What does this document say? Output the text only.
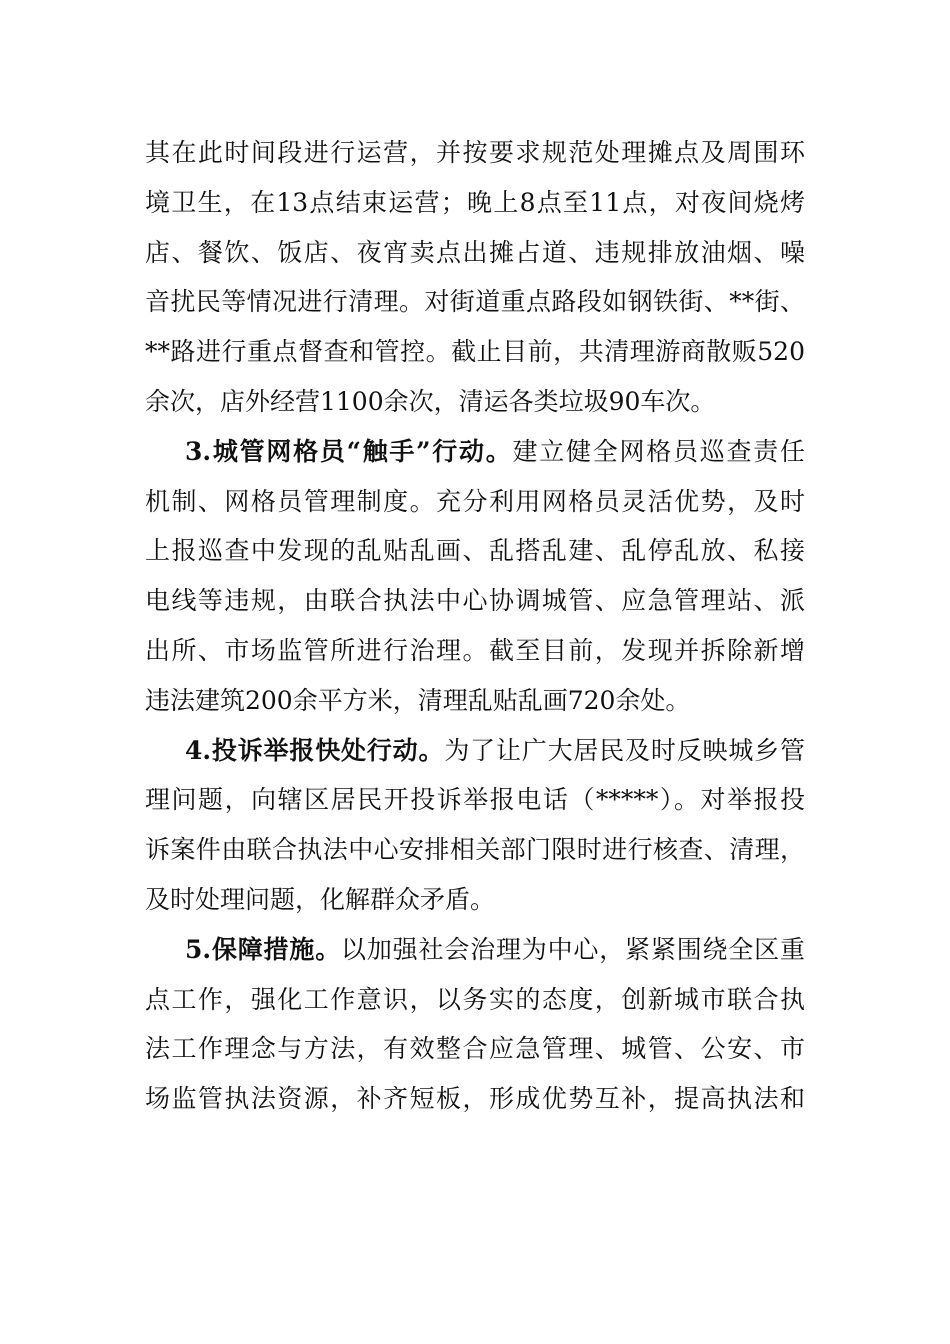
其在此时间段进行运营，并按要求规范处理摊点及周围环
境卫生，在13点结束运营；晚上8点至11点，对夜间烧烤
店、餐饮、饭店、夜宵卖点出摊占道、违规排放油烟、噪
音扰民等情况进行清理。对街道重点路段如钢铁街、**街、
**路进行重点督查和管控。截止目前，共清理游商散贩520
余次，店外经营1100余次，清运各类垃圾90车次。
3.城管网格员“触手”行动。建立健全网格员巡查责任
机制、网格员管理制度。充分利用网格员灵活优势，及时
上报巡查中发现的乱贴乱画、乱搭乱建、乱停乱放、私接
电线等违规，由联合执法中心协调城管、应急管理站、派
出所、市场监管所进行治理。截至目前，发现并拆除新增
违法建筑200余平方米，清理乱贴乱画720余处。
4.投诉举报快处行动。为了让广大居民及时反映城乡管
理问题，向辖区居民开投诉举报电话（*****）。对举报投
诉案件由联合执法中心安排相关部门限时进行核查、清理，
及时处理问题，化解群众矛盾。
5.保障措施。以加强社会治理为中心，紧紧围绕全区重
点工作，强化工作意识，以务实的态度，创新城市联合执
法工作理念与方法，有效整合应急管理、城管、公安、市
场监管执法资源，补齐短板，形成优势互补，提高执法和
